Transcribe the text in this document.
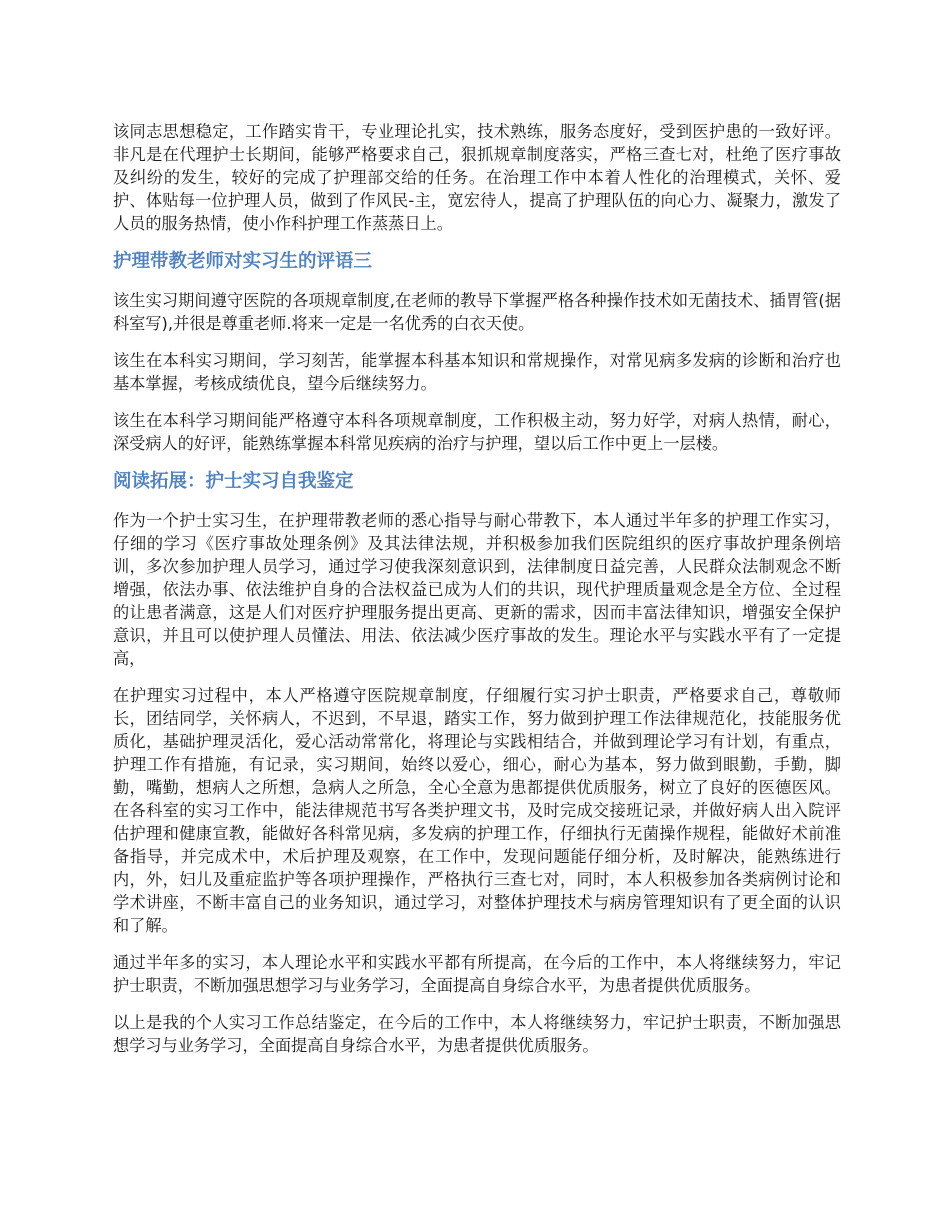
该同志思想稳定，工作踏实肯干，专业理论扎实，技术熟练，服务态度好，受到医护患的一致好评。非凡是在代理护士长期间，能够严格要求自己，狠抓规章制度落实，严格三查七对，杜绝了医疗事故及纠纷的发生，较好的完成了护理部交给的任务。在治理工作中本着人性化的治理模式，关怀、爱护、体贴每一位护理人员，做到了作风民-主，宽宏待人，提高了护理队伍的向心力、凝聚力，激发了人员的服务热情，使小作科护理工作蒸蒸日上。

护理带教老师对实习生的评语三

该生实习期间遵守医院的各项规章制度,在老师的教导下掌握严格各种操作技术如无菌技术、插胃管(据科室写),并很是尊重老师.将来一定是一名优秀的白衣天使。

该生在本科实习期间，学习刻苦，能掌握本科基本知识和常规操作，对常见病多发病的诊断和治疗也基本掌握，考核成绩优良，望今后继续努力。

该生在本科学习期间能严格遵守本科各项规章制度，工作积极主动，努力好学，对病人热情，耐心，深受病人的好评，能熟练掌握本科常见疾病的治疗与护理，望以后工作中更上一层楼。

阅读拓展：护士实习自我鉴定

作为一个护士实习生，在护理带教老师的悉心指导与耐心带教下，本人通过半年多的护理工作实习，仔细的学习《医疗事故处理条例》及其法律法规，并积极参加我们医院组织的医疗事故护理条例培训，多次参加护理人员学习，通过学习使我深刻意识到，法律制度日益完善，人民群众法制观念不断增强，依法办事、依法维护自身的合法权益已成为人们的共识，现代护理质量观念是全方位、全过程的让患者满意，这是人们对医疗护理服务提出更高、更新的需求，因而丰富法律知识，增强安全保护意识，并且可以使护理人员懂法、用法、依法减少医疗事故的发生。理论水平与实践水平有了一定提高，

在护理实习过程中，本人严格遵守医院规章制度，仔细履行实习护士职责，严格要求自己，尊敬师长，团结同学，关怀病人，不迟到，不早退，踏实工作，努力做到护理工作法律规范化，技能服务优质化，基础护理灵活化，爱心活动常常化，将理论与实践相结合，并做到理论学习有计划，有重点，护理工作有措施，有记录，实习期间，始终以爱心，细心，耐心为基本，努力做到眼勤，手勤，脚勤，嘴勤，想病人之所想，急病人之所急，全心全意为患都提供优质服务，树立了良好的医德医风。在各科室的实习工作中，能法律规范书写各类护理文书，及时完成交接班记录，并做好病人出入院评估护理和健康宣教，能做好各科常见病，多发病的护理工作，仔细执行无菌操作规程，能做好术前准备指导，并完成术中，术后护理及观察，在工作中，发现问题能仔细分析，及时解决，能熟练进行内，外，妇儿及重症监护等各项护理操作，严格执行三查七对，同时，本人积极参加各类病例讨论和学术讲座，不断丰富自己的业务知识，通过学习，对整体护理技术与病房管理知识有了更全面的认识和了解。

通过半年多的实习，本人理论水平和实践水平都有所提高，在今后的工作中，本人将继续努力，牢记护士职责，不断加强思想学习与业务学习，全面提高自身综合水平，为患者提供优质服务。

以上是我的个人实习工作总结鉴定，在今后的工作中，本人将继续努力，牢记护士职责，不断加强思想学习与业务学习，全面提高自身综合水平，为患者提供优质服务。
